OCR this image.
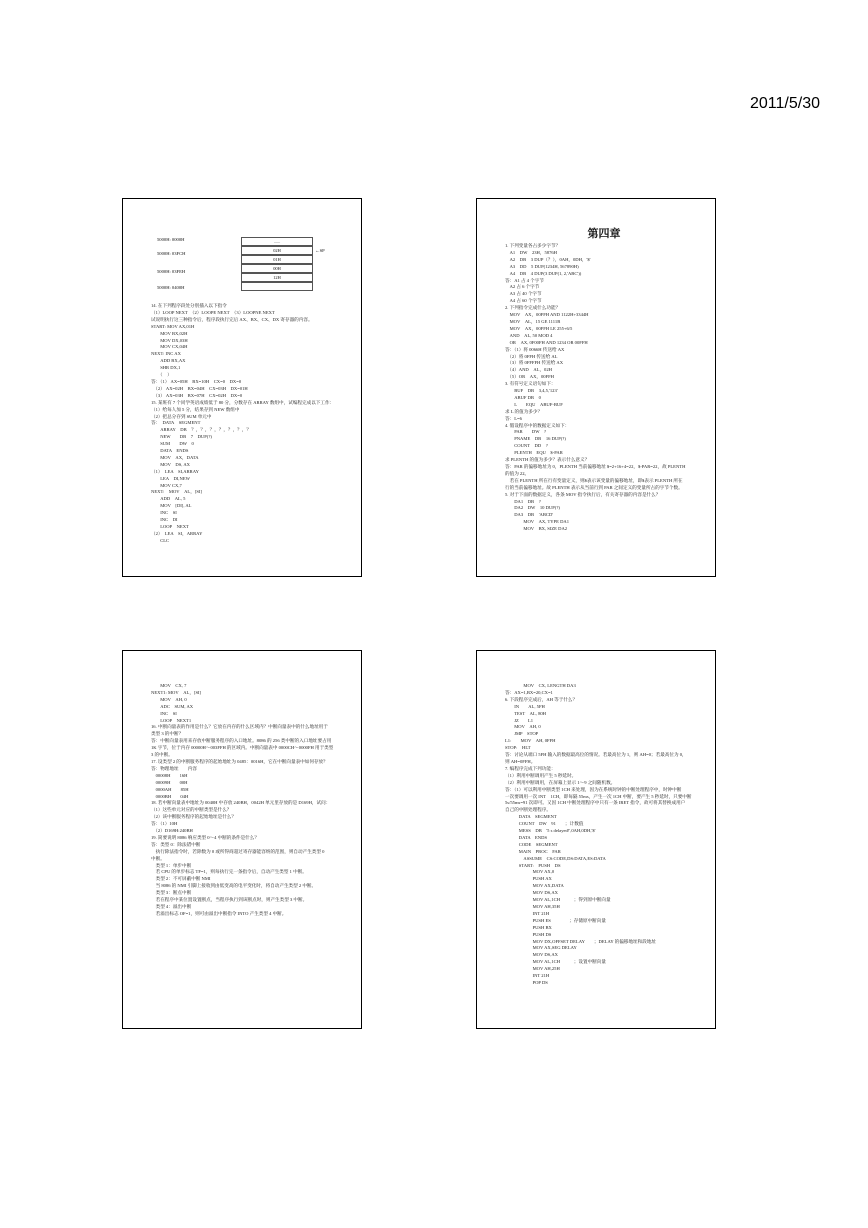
2011/5/30
5000H: 0000H
5000H: 03FCH
5000H: 03FEH
5000H: 0400H
......
02H
01H
00H
12H
←SP
14. 在下列程序段处分别插入以下指令
（1）LOOP NEXT　（2）LOOPE NEXT　（3）LOOPNE NEXT
试说明执行这三种指令后，程序段执行完后 AX、BX、CX、DX 寄存器的内容。
START: MOV AX,01H
　　MOV BX,02H
　　MOV DX,03H
　　MOV CX,04H
NEXT: INC AX
　　ADD BX,AX
　　SHR DX,1
　　（　）
答：（1） AX=05H　BX=10H　CX=0　DX=0
　（2） AX=02H　BX=04H　CX=03H　DX=01H
　（3） AX=03H　BX=07H　CX=02H　DX=0
15. 某班有 7 个同学英语成绩低于 80 分，分数存在 ARRAY 数组中，试编程完成以下工作：
（1）给每人加 5 分，结果存到 NEW 数组中
（2）把总分存到 SUM 单元中
答：　DATA　SEGMENT
　　ARRAY　DB　？，？，？，？，？，？，？
　　NEW　　DB　7　DUP(?)
　　SUM　　DW　0
　　DATA　ENDS
　　MOV　AX，DATA
　　MOV　DS, AX
（1）　LEA　SI,ARRAY
　　LEA　DI,NEW
　　MOV CX,7
NEXT:　MOV　AL，[SI]
　　ADD　AL, 5
　　MOV　[DI], AL
　　INC　SI
　　INC　DI
　　LOOP　NEXT
（2）　LEA　SI，ARRAY
　　CLC
第四章
1. 下列变量各占多少字节？
　A1　DW　23H，5876H
　A2　DB　3 DUP（？），0AH，0DH，'$'
　A3　DD　5 DUP(1234H, 567890H)
　A4　DB　4 DUP(3 DUP(1, 2,'ABC'))
答：A1 占 4 个字节
　A2 占 6 个字节
　A3 占 40 个字节
　A4 占 60 个字节
2. 下列指令完成什么功能？
　MOV　AX，00FFH AND 1122H+3344H
　MOV　AL，15 GE 1111B
　MOV　AX，00FFH LE 255+6/5
　AND　AL, 50 MOD 4
　OR　AX, 0F00FH AND 1234 OR 00FFH
答：（1）将 0066H 传送给 AX
　（2）将 0FFH 传送给 AL
　（3）将 0FFFFH 传送给 AX
　（4）AND　AL，02H
　（5）OR　AX，00FFH
3. 有符号定义语句如下：
　　BUF　DB　3,4,5,'123'
　　ABUF DB　0
　　L　　EQU　ABUF-BUF
求 L 的值为多少？
答：L=6
4. 假设程序中的数据定义如下：
　　PAR　　DW　?
　　PNAME　DB　16 DUP(?)
　　COUNT　DD　?
　　PLENTH　EQU　$-PAR
求 PLENTH 的值为多少？表示什么意义？
答：PAR 的偏移地址为 0，PLENTH 当前偏移地址 $=2+16+4=22，$-PAR=22，故 PLENTH
的值为 22。
　若在 PLENTH 所在行有变量定义，则$表示该变量的偏移地址，即$表示 PLENTH 所在
行的当前偏移地址。故 PLENTH 表示从当前行到 PAR 之间定义的变量所占的字节个数。
5. 对于下面的数据定义，各条 MOV 指令执行后，有关寄存器的内容是什么？
　　DA1　DB　?
　　DA2　DW　10 DUP(?)
　　DA3　DB　'ABCD'
　　　　MOV　AX, TYPE DA1
　　　　MOV　BX, SIZE DA2
　　MOV　CX, 7
NEXT1: MOV　AL，[SI]
　　MOV　AH, 0
　　ADC　SUM, AX
　　INC　SI
　　LOOP　NEXT1
16. 中断向量表的作用是什么？它放在内存的什么区域内？中断向量表中的什么地址用于
类型 3 的中断？
答：中断向量表用来存放中断服务程序的入口地址。8086 的 256 类中断的入口地址要占用
1K 字节，位于内存 00000H～003FFH 的区域内。中断向量表中 0000CH～0000FH 用于类型
3 的中断。
17. 设类型 2 的中断服务程序的起始地址为 0485：0016H，它在中断向量表中如何存放？
答：物理地址　　内容
　00008H　　16H
　00009H　　00H
　0000AH　　85H
　0000BH　　04H
18. 若中断向量表中地址为 0040H 中存放 240BH，0042H 单元里存放的是 D169H，试问：
（1）这些单元对应的中断类型是什么？
（2）该中断服务程序的起始地址是什么？
答：（1）10H
　（2）D169H:240BH
19. 简要说明 8086 响应类型 0～4 中断的条件是什么？
答：类型 0：除法错中断
　执行除法指令时，若除数为 0 或所得商超过寄存器能容纳的范围，则自动产生类型 0
中断。
　类型 1：单步中断
　若 CPU 的单步标志 TF=1，则每执行完一条指令后，自动产生类型 1 中断。
　类型 2：不可屏蔽中断 NMI
　当 8086 的 NMI 引脚上接收到由低变高的电平变化时，将自动产生类型 2 中断。
　类型 3：断点中断
　若在程序中某位置设置断点，当程序执行到该断点时，则产生类型 3 中断。
　类型 4：溢出中断
　若溢出标志 OF=1，则可由溢出中断指令 INTO 产生类型 4 中断。
　　　　MOV　CX, LENGTH DA3
答：AX=1,BX=20,CX=1
6. 下段程序完成后，AH 等于什么？
　　IN　　AL, 5FH
　　TEST　AL, 80H
　　JZ　　L1
　　MOV　AH, 0
　　JMP　STOP
L1:　　MOV　AH, 0FFH
STOP:　HLT
答：讨论从端口 5FH 输入的数据最高位的情况。若最高位为 1，则 AH=0；若最高位为 0，
则 AH=0FFH。
7. 编程序完成下列功能：
（1）利用中断调用产生 5 秒延时。
（2）利用中断调用，在屏幕上显示 1～9 之间随机数。
答：（1）可以利用中断类型 1CH 来处理，因为在系统时钟的中断处理程序中，时钟中断
一次要调用一次 INT　1CH，即每隔 55ms，产生一次 1CH 中断，要产生 5 秒延时，只要中断
5s/55ms=91 次即可。又因 1CH 中断处理程序中只有一条 IRET 指令，故可将其替换成用户
自己的中断处理程序。
　　　DATA　SEGMENT
　　　COUNT　DW　91　　；计数值
　　　MESS　DB　'5 s delayed!',0AH,0DH,'$'
　　　DATA　ENDS
　　　CODE　SEGMENT
　　　MAIN　PROC　FAR
　　　　ASSUME　CS:CODE,DS:DATA,ES:DATA
　　　START:　PUSH　DS
　　　　　　MOV AX,0
　　　　　　PUSH AX
　　　　　　MOV AX,DATA
　　　　　　MOV DS,AX
　　　　　　MOV AL,1CH　　　；得到原中断向量
　　　　　　MOV AH,35H
　　　　　　INT 21H
　　　　　　PUSH ES　　　　；存储原中断向量
　　　　　　PUSH BX
　　　　　　PUSH DS
　　　　　　MOV DX,OFFSET DELAY　　；DELAY 的偏移地址和段地址
　　　　　　MOV AX,SEG DELAY
　　　　　　MOV DS,AX
　　　　　　MOV AL,1CH　　　；设置中断向量
　　　　　　MOV AH,25H
　　　　　　INT 21H
　　　　　　POP DS
